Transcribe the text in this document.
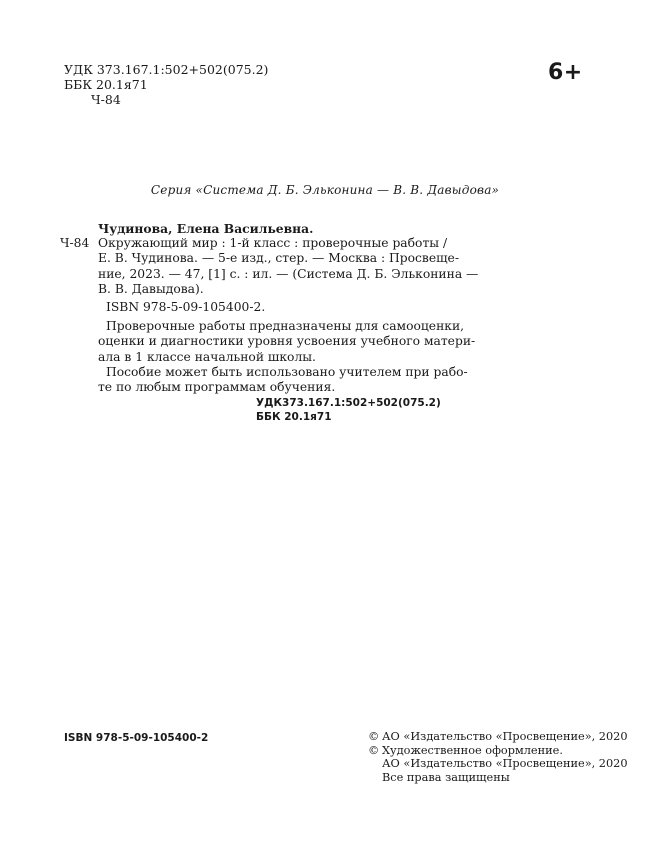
УДК 373.167.1:502+502(075.2)
ББК 20.1я71
Ч-84
6+
Серия «Система Д. Б. Эльконина — В. В. Давыдова»
Чудинова, Елена Васильевна.
Ч-84 Окружающий мир : 1-й класс : проверочные работы /
Е. В. Чудинова. — 5-е изд., стер. — Москва : Просвеще-
ние, 2023. — 47, [1] с. : ил. — (Система Д. Б. Эльконина —
В. В. Давыдова).
ISBN 978-5-09-105400-2.
Проверочные работы предназначены для самооценки,
оценки и диагностики уровня усвоения учебного матери-
ала в 1 классе начальной школы.
Пособие может быть использовано учителем при рабо-
те по любым программам обучения.
УДК373.167.1:502+502(075.2)
ББК 20.1я71
ISBN 978-5-09-105400-2	© АО «Издательство «Просвещение», 2020
© Художественное оформление.
АО «Издательство «Просвещение», 2020
Все права защищены
